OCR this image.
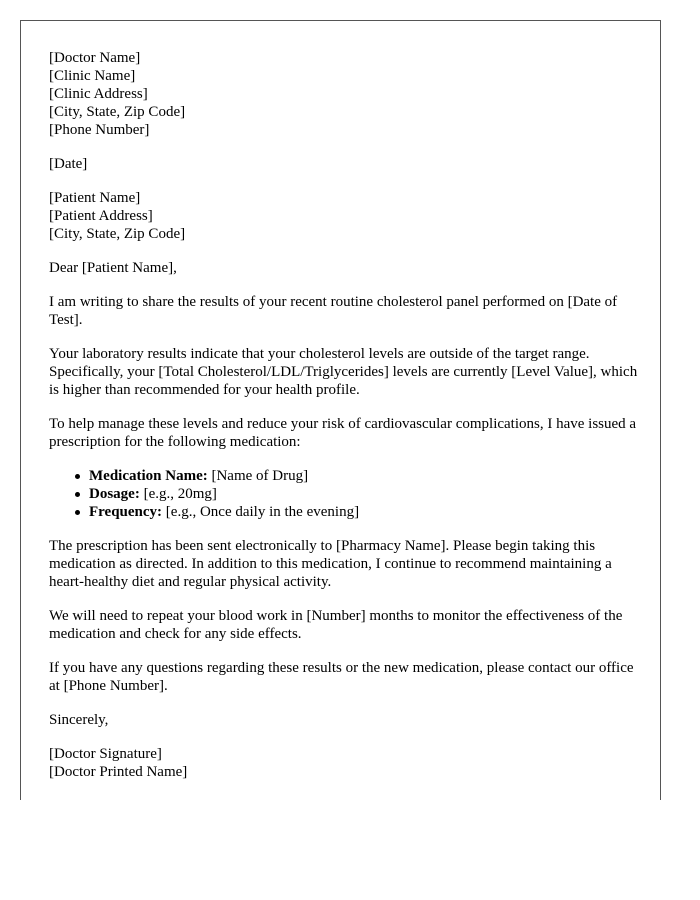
[Doctor Name]
[Clinic Name]
[Clinic Address]
[City, State, Zip Code]
[Phone Number]

[Date]

[Patient Name]
[Patient Address]
[City, State, Zip Code]

Dear [Patient Name],

I am writing to share the results of your recent routine cholesterol panel performed on [Date of Test].

Your laboratory results indicate that your cholesterol levels are outside of the target range. Specifically, your [Total Cholesterol/LDL/Triglycerides] levels are currently [Level Value], which is higher than recommended for your health profile.

To help manage these levels and reduce your risk of cardiovascular complications, I have issued a prescription for the following medication:

Medication Name: [Name of Drug]
Dosage: [e.g., 20mg]
Frequency: [e.g., Once daily in the evening]

The prescription has been sent electronically to [Pharmacy Name]. Please begin taking this medication as directed. In addition to this medication, I continue to recommend maintaining a heart-healthy diet and regular physical activity.

We will need to repeat your blood work in [Number] months to monitor the effectiveness of the medication and check for any side effects.

If you have any questions regarding these results or the new medication, please contact our office at [Phone Number].

Sincerely,

[Doctor Signature]
[Doctor Printed Name]
